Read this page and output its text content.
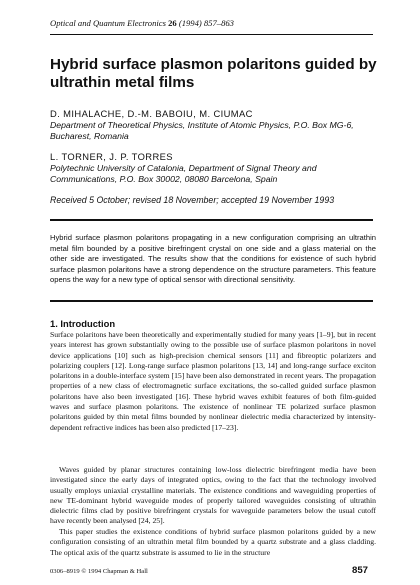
Optical and Quantum Electronics 26 (1994) 857–863
Hybrid surface plasmon polaritons guided by ultrathin metal films
D. MIHALACHE, D.-M. BABOIU, M. CIUMAC
Department of Theoretical Physics, Institute of Atomic Physics, P.O. Box MG-6,
Bucharest, Romania
L. TORNER, J. P. TORRES
Polytechnic University of Catalonia, Department of Signal Theory and
Communications, P.O. Box 30002, 08080 Barcelona, Spain
Received 5 October; revised 18 November; accepted 19 November 1993

Hybrid surface plasmon polaritons propagating in a new configuration comprising an ultrathin metal film bounded by a positive birefringent crystal on one side and a glass material on the other side are investigated. The results show that the conditions for existence of such hybrid surface plasmon polaritons have a strong dependence on the structure parameters. This feature opens the way for a new type of optical sensor with directional sensitivity.

1. Introduction

Surface polaritons have been theoretically and experimentally studied for many years [1–9], but in recent years interest has grown substantially owing to the possible use of surface plasmon polaritons in novel device applications [10] such as high-precision chemical sensors [11] and fibreoptic polarizers and polarizing couplers [12]. Long-range surface plasmon polaritons [13, 14] and long-range surface exciton polaritons in a double-interface system [15] have been also demonstrated in recent years. The propagation properties of a new class of electromagnetic surface excitations, the so-called guided surface plasmon polaritons have also been investigated [16]. These hybrid waves exhibit features of both film-guided waves and surface plasmon polaritons. The existence of nonlinear TE polarized surface plasmon polaritons guided by thin metal films bounded by nonlinear dielectric media characterized by intensity-dependent refractive indices has been also predicted [17–23].

Waves guided by planar structures containing low-loss dielectric birefringent media have been investigated since the early days of integrated optics, owing to the fact that the technology involved usually employs uniaxial crystalline materials. The existence conditions and waveguiding properties of new TE-dominant hybrid waveguide modes of properly tailored waveguides consisting of ultrathin dielectric films clad by positive birefringent crystals for waveguide parameters below the usual cutoff have recently been analysed [24, 25].

This paper studies the existence conditions of hybrid surface plasmon polaritons guided by a new configuration consisting of an ultrathin metal film bounded by a quartz substrate and a glass cladding. The optical axis of the quartz substrate is assumed to lie in the structure

0306–8919 © 1994 Chapman & Hall	857
